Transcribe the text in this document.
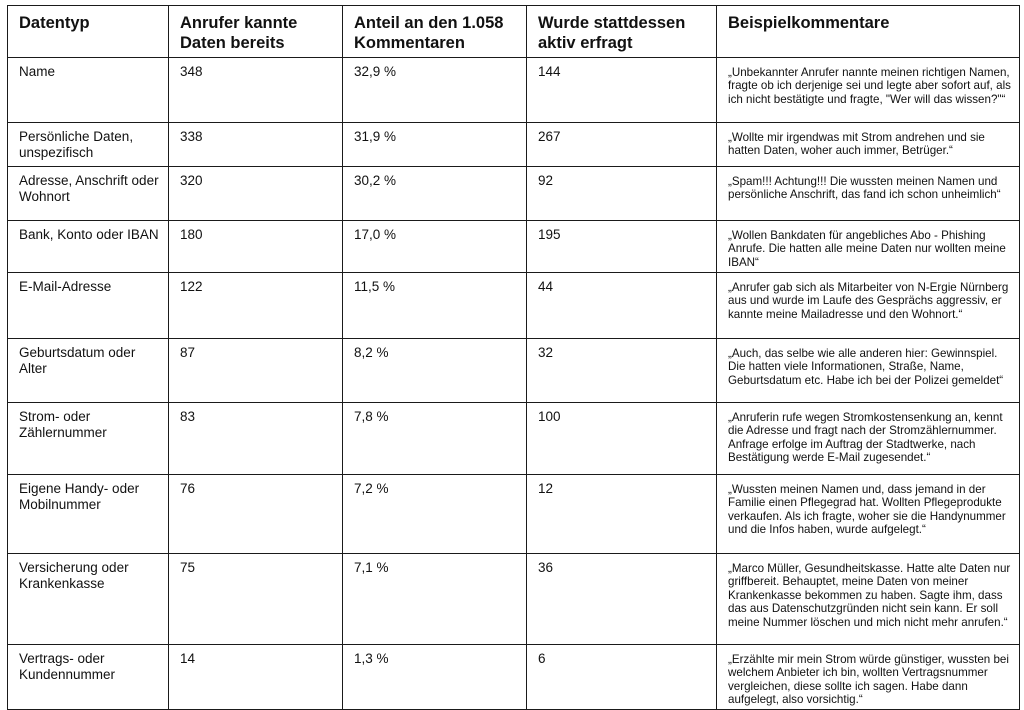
Datentyp	Anrufer kannte Daten bereits	Anteil an den 1.058 Kommentaren	Wurde stattdessen aktiv erfragt	Beispielkommentare
Name	348	32,9 %	144	„Unbekannter Anrufer nannte meinen richtigen Namen, fragte ob ich derjenige sei und legte aber sofort auf, als ich nicht bestätigte und fragte, "Wer will das wissen?"“
Persönliche Daten, unspezifisch	338	31,9 %	267	„Wollte mir irgendwas mit Strom andrehen und sie hatten Daten, woher auch immer, Betrüger.“
Adresse, Anschrift oder Wohnort	320	30,2 %	92	„Spam!!! Achtung!!! Die wussten meinen Namen und persönliche Anschrift, das fand ich schon unheimlich“
Bank, Konto oder IBAN	180	17,0 %	195	„Wollen Bankdaten für angebliches Abo - Phishing Anrufe. Die hatten alle meine Daten nur wollten meine IBAN“
E-Mail-Adresse	122	11,5 %	44	„Anrufer gab sich als Mitarbeiter von N-Ergie Nürnberg aus und wurde im Laufe des Gesprächs aggressiv, er kannte meine Mailadresse und den Wohnort.“
Geburtsdatum oder Alter	87	8,2 %	32	„Auch, das selbe wie alle anderen hier: Gewinnspiel. Die hatten viele Informationen, Straße, Name, Geburtsdatum etc. Habe ich bei der Polizei gemeldet“
Strom- oder Zählernummer	83	7,8 %	100	„Anruferin rufe wegen Stromkostensenkung an, kennt die Adresse und fragt nach der Stromzählernummer. Anfrage erfolge im Auftrag der Stadtwerke, nach Bestätigung werde E-Mail zugesendet.“
Eigene Handy- oder Mobilnummer	76	7,2 %	12	„Wussten meinen Namen und, dass jemand in der Familie einen Pflegegrad hat. Wollten Pflegeprodukte verkaufen. Als ich fragte, woher sie die Handynummer und die Infos haben, wurde aufgelegt.“
Versicherung oder Krankenkasse	75	7,1 %	36	„Marco Müller, Gesundheitskasse. Hatte alte Daten nur griffbereit. Behauptet, meine Daten von meiner Krankenkasse bekommen zu haben. Sagte ihm, dass das aus Datenschutzgründen nicht sein kann. Er soll meine Nummer löschen und mich nicht mehr anrufen.“
Vertrags- oder Kundennummer	14	1,3 %	6	„Erzählte mir mein Strom würde günstiger, wussten bei welchem Anbieter ich bin, wollten Vertragsnummer vergleichen, diese sollte ich sagen. Habe dann aufgelegt, also vorsichtig.“
